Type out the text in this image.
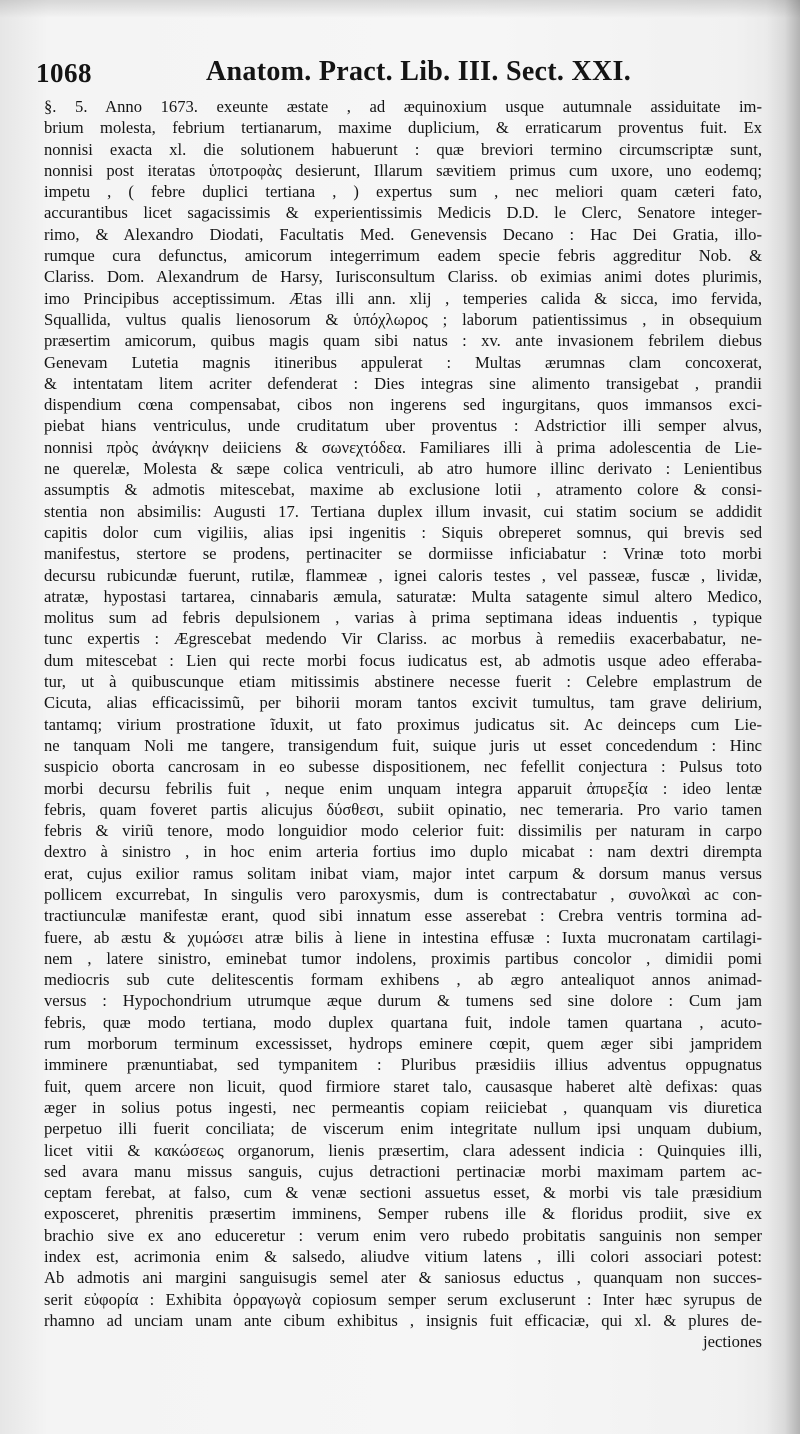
1068	Anatom. Pract. Lib. III. Sect. XXI.
§. 5. Anno 1673. exeunte æstate , ad æquinoxium usque autumnale assiduitate im-
brium molesta, febrium tertianarum, maxime duplicium, & erraticarum proventus fuit. Ex
nonnisi exacta xl. die solutionem habuerunt : quæ breviori termino circumscriptæ sunt,
nonnisi post iteratas ὑποτροφὰς desierunt, Illarum sævitiem primus cum uxore, uno eodemq;
impetu , ( febre duplici tertiana , ) expertus sum , nec meliori quam cæteri fato,
accurantibus licet sagacissimis & experientissimis Medicis D.D. le Clerc, Senatore integer-
rimo, & Alexandro Diodati, Facultatis Med. Genevensis Decano : Hac Dei Gratia, illo-
rumque cura defunctus, amicorum integerrimum eadem specie febris aggreditur Nob. &
Clariss. Dom. Alexandrum de Harsy, Iurisconsultum Clariss. ob eximias animi dotes plurimis,
imo Principibus acceptissimum. Ætas illi ann. xlij , temperies calida & sicca, imo fervida,
Squallida, vultus qualis lienosorum & ὑπόχλωρος ; laborum patientissimus , in obsequium
præsertim amicorum, quibus magis quam sibi natus : xv. ante invasionem febrilem diebus
Genevam Lutetia magnis itineribus appulerat : Multas ærumnas clam concoxerat,
& intentatam litem acriter defenderat : Dies integras sine alimento transigebat , prandii
dispendium cœna compensabat, cibos non ingerens sed ingurgitans, quos immansos exci-
piebat hians ventriculus, unde cruditatum uber proventus : Adstrictior illi semper alvus,
nonnisi πρὸς ἀνάγκην deiiciens & σωνεχτόδεα. Familiares illi à prima adolescentia de Lie-
ne querelæ, Molesta & sæpe colica ventriculi, ab atro humore illinc derivato : Lenientibus
assumptis & admotis mitescebat, maxime ab exclusione lotii , atramento colore & consi-
stentia non absimilis: Augusti 17. Tertiana duplex illum invasit, cui statim socium se addidit
capitis dolor cum vigiliis, alias ipsi ingenitis : Siquis obreperet somnus, qui brevis sed
manifestus, stertore se prodens, pertinaciter se dormiisse inficiabatur : Vrinæ toto morbi
decursu rubicundæ fuerunt, rutilæ, flammeæ , ignei caloris testes , vel passeæ, fuscæ , lividæ,
atratæ, hypostasi tartarea, cinnabaris æmula, saturatæ: Multa satagente simul altero Medico,
molitus sum ad febris depulsionem , varias à prima septimana ideas induentis , typique
tunc expertis : Ægrescebat medendo Vir Clariss. ac morbus à remediis exacerbabatur, ne-
dum mitescebat : Lien qui recte morbi focus iudicatus est, ab admotis usque adeo efferaba-
tur, ut à quibuscunque etiam mitissimis abstinere necesse fuerit : Celebre emplastrum de
Cicuta, alias efficacissimũ, per bihorii moram tantos excivit tumultus, tam grave delirium,
tantamq; virium prostratione ĩduxit, ut fato proximus judicatus sit. Ac deinceps cum Lie-
ne tanquam Noli me tangere, transigendum fuit, suique juris ut esset concedendum : Hinc
suspicio oborta cancrosam in eo subesse dispositionem, nec fefellit conjectura : Pulsus toto
morbi decursu febrilis fuit , neque enim unquam integra apparuit ἀπυρεξία : ideo lentæ
febris, quam foveret partis alicujus δύσθεσι, subiit opinatio, nec temeraria. Pro vario tamen
febris & viriũ tenore, modo longuidior modo celerior fuit: dissimilis per naturam in carpo
dextro à sinistro , in hoc enim arteria fortius imo duplo micabat : nam dextri dirempta
erat, cujus exilior ramus solitam inibat viam, major intet carpum & dorsum manus versus
pollicem excurrebat, In singulis vero paroxysmis, dum is contrectabatur , συνολκαὶ ac con-
tractiunculæ manifestæ erant, quod sibi innatum esse asserebat : Crebra ventris tormina ad-
fuere, ab æstu & χυμώσει atræ bilis à liene in intestina effusæ : Iuxta mucronatam cartilagi-
nem , latere sinistro, eminebat tumor indolens, proximis partibus concolor , dimidii pomi
mediocris sub cute delitescentis formam exhibens , ab ægro antealiquot annos animad-
versus : Hypochondrium utrumque æque durum & tumens sed sine dolore : Cum jam
febris, quæ modo tertiana, modo duplex quartana fuit, indole tamen quartana , acuto-
rum morborum terminum excessisset, hydrops eminere cœpit, quem æger sibi jampridem
imminere prænuntiabat, sed tympanitem : Pluribus præsidiis illius adventus oppugnatus
fuit, quem arcere non licuit, quod firmiore staret talo, causasque haberet altè defixas: quas
æger in solius potus ingesti, nec permeantis copiam reiiciebat , quanquam vis diuretica
perpetuo illi fuerit conciliata; de viscerum enim integritate nullum ipsi unquam dubium,
licet vitii & κακώσεως organorum, lienis præsertim, clara adessent indicia : Quinquies illi,
sed avara manu missus sanguis, cujus detractioni pertinaciæ morbi maximam partem ac-
ceptam ferebat, at falso, cum & venæ sectioni assuetus esset, & morbi vis tale præsidium
exposceret, phrenitis præsertim imminens, Semper rubens ille & floridus prodiit, sive ex
brachio sive ex ano educeretur : verum enim vero rubedo probitatis sanguinis non semper
index est, acrimonia enim & salsedo, aliudve vitium latens , illi colori associari potest:
Ab admotis ani margini sanguisugis semel ater & saniosus eductus , quanquam non succes-
serit εὐφορία : Exhibita ὀρραγωγὰ copiosum semper serum excluserunt : Inter hæc syrupus de
rhamno ad unciam unam ante cibum exhibitus , insignis fuit efficaciæ, qui xl. & plures de-
jectiones
